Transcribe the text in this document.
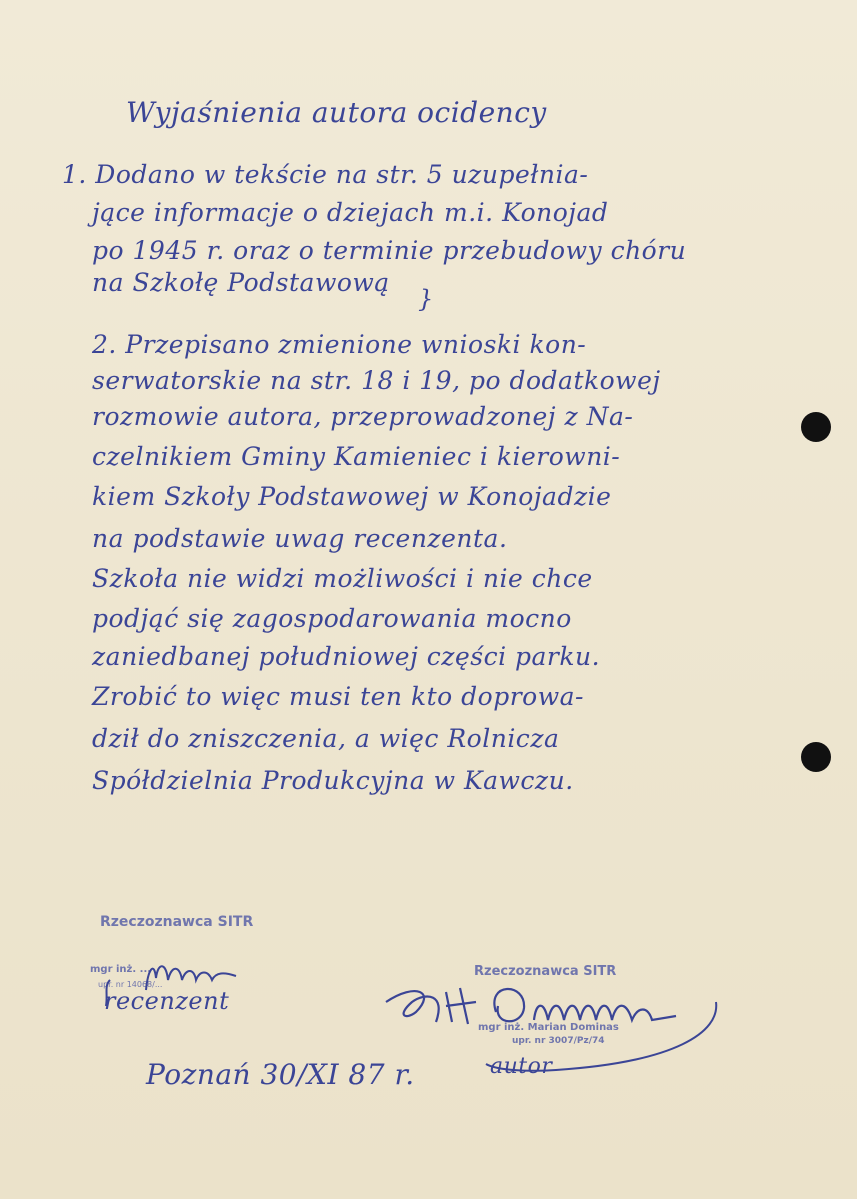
Wyjaśnienia autora ocidency
1. Dodano w tekście na str. 5 uzupełnia-
jące informacje o dziejach m.i. Konojad
po 1945 r. oraz o terminie przebudowy chóru
na Szkołę Podstawową
}
2. Przepisano zmienione wnioski kon-
serwatorskie na str. 18 i 19, po dodatkowej
rozmowie autora, przeprowadzonej z Na-
czelnikiem Gminy Kamieniec i kierowni-
kiem Szkoły Podstawowej w Konojadzie
na podstawie uwag recenzenta.
Szkoła nie widzi możliwości i nie chce
podjąć się zagospodarowania mocno
zaniedbanej południowej części parku.
Zrobić to więc musi ten kto doprowa-
dził do zniszczenia, a więc Rolnicza
Spółdzielnia Produkcyjna w Kawczu.
Rzeczoznawca SITR
mgr inż. ...
upr. nr 14068/...
recenzent
Rzeczoznawca SITR
mgr inż. Marian Dominas
upr. nr 3007/Pz/74
Poznań 30/XI 87 r.	autor
